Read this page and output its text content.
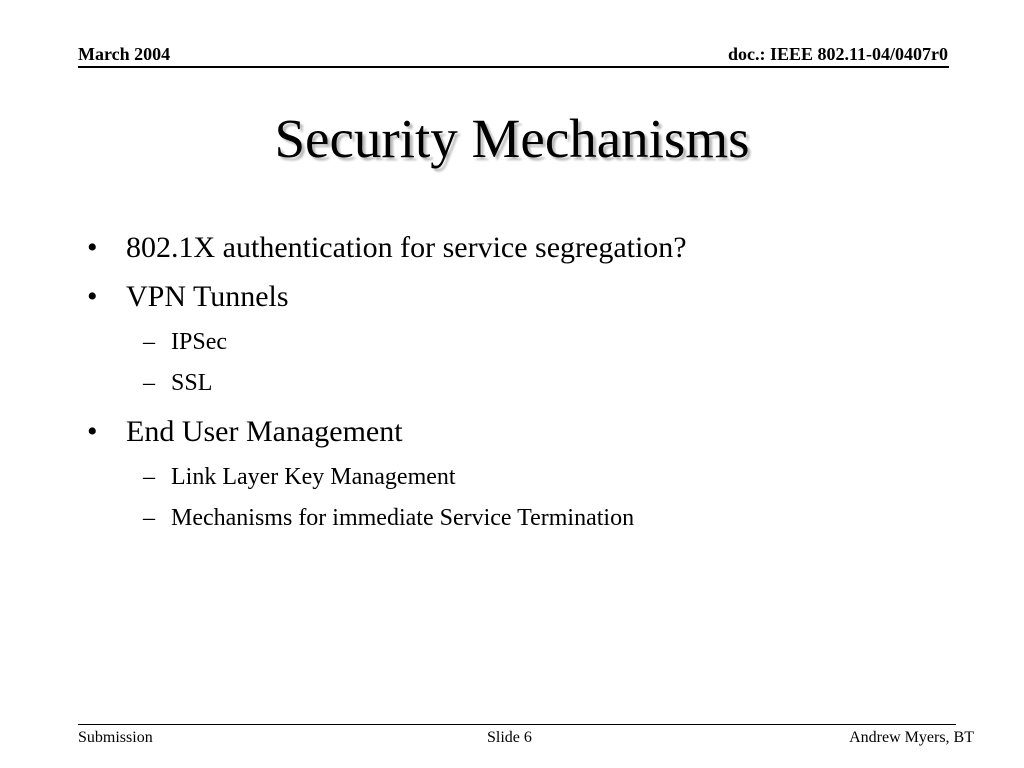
March 2004	doc.: IEEE 802.11-04/0407r0
Security Mechanisms
• 802.1X authentication for service segregation?
• VPN Tunnels
– IPSec
– SSL
• End User Management
– Link Layer Key Management
– Mechanisms for immediate Service Termination
Submission	Slide 6	Andrew Myers, BT
